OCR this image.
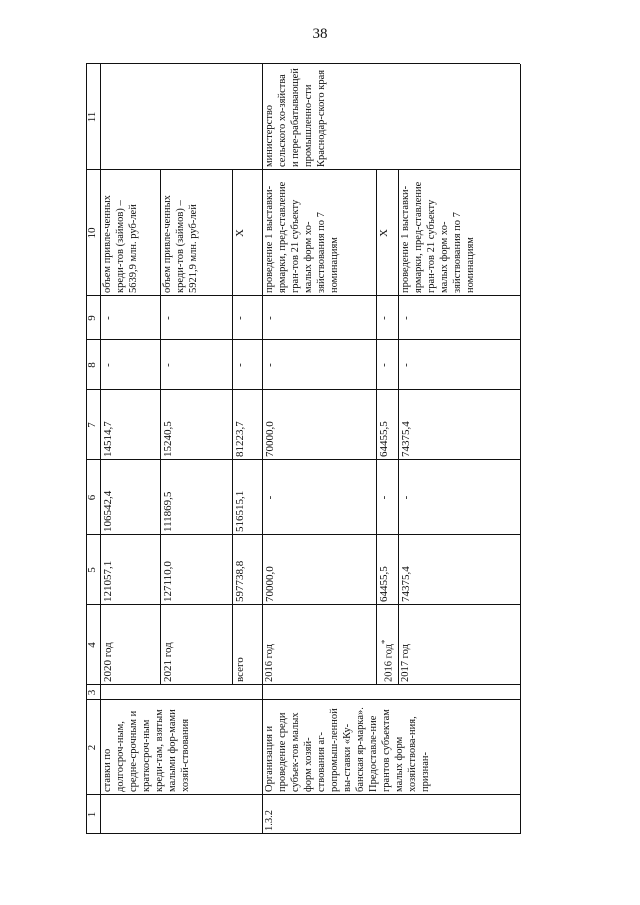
38
1
2
3
4
5
6
7
8
9
10
11
ставки по долгосроч-ным, средне-срочным и краткосроч-ным креди-там, взятым малыми фор-мами хозяй-ствования
министерство сельского хо-зяйства и пере-рабатывающей промышленно-сти Краснодар-ского края
2020 год
121057,1
106542,4
14514,7
-
-
объем привле-ченных креди-тов (займов) – 5639,9 млн. руб-лей
2021 год
127110,0
111869,5
15240,5
-
-
объем привле-ченных креди-тов (займов) – 5921,9 млн. руб-лей
всего
597738,8
516515,1
81223,7
-
-
X
1.3.2
Организация и проведение среди субъек-тов малых форм хозяй-ствования аг-ропромыш-ленной вы-ставки «Ку-банская яр-марка». Предоставле-ние грантов субъектам малых форм хозяйствова-ния, признан-
2016 год
70000,0
-
70000,0
-
-
проведение 1 выставки-ярмарки, пред-ставление гран-тов 21 субъекту малых форм хо-зяйствования по 7 номинациям
2016 год*
64455,5
-
64455,5
-
-
X
2017 год
74375,4
-
74375,4
-
-
проведение 1 выставки-ярмарки, пред-ставление гран-тов 21 субъекту малых форм хо-зяйствования по 7 номинациям
